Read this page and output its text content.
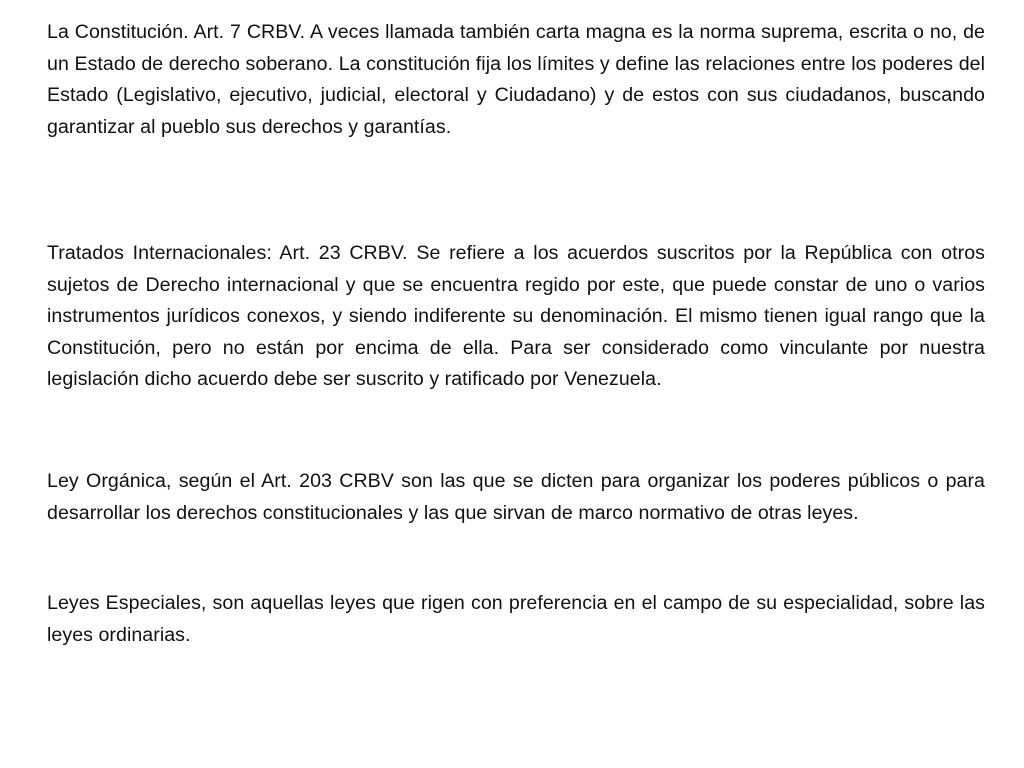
La Constitución. Art. 7 CRBV. A veces llamada también carta magna es la norma suprema, escrita o no, de un Estado de derecho soberano. La constitución fija los límites y define las relaciones entre los poderes del Estado (Legislativo, ejecutivo, judicial, electoral y Ciudadano) y de estos con sus ciudadanos, buscando garantizar al pueblo sus derechos y garantías.

Tratados Internacionales: Art. 23 CRBV. Se refiere a los acuerdos suscritos por la República con otros sujetos de Derecho internacional y que se encuentra regido por este, que puede constar de uno o varios instrumentos jurídicos conexos, y siendo indiferente su denominación. El mismo tienen igual rango que la Constitución, pero no están por encima de ella. Para ser considerado como vinculante por nuestra legislación dicho acuerdo debe ser suscrito y ratificado por Venezuela.

Ley Orgánica, según el Art. 203 CRBV son las que se dicten para organizar los poderes públicos o para desarrollar los derechos constitucionales y las que sirvan de marco normativo de otras leyes.

Leyes Especiales, son aquellas leyes que rigen con preferencia en el campo de su especialidad, sobre las leyes ordinarias.
